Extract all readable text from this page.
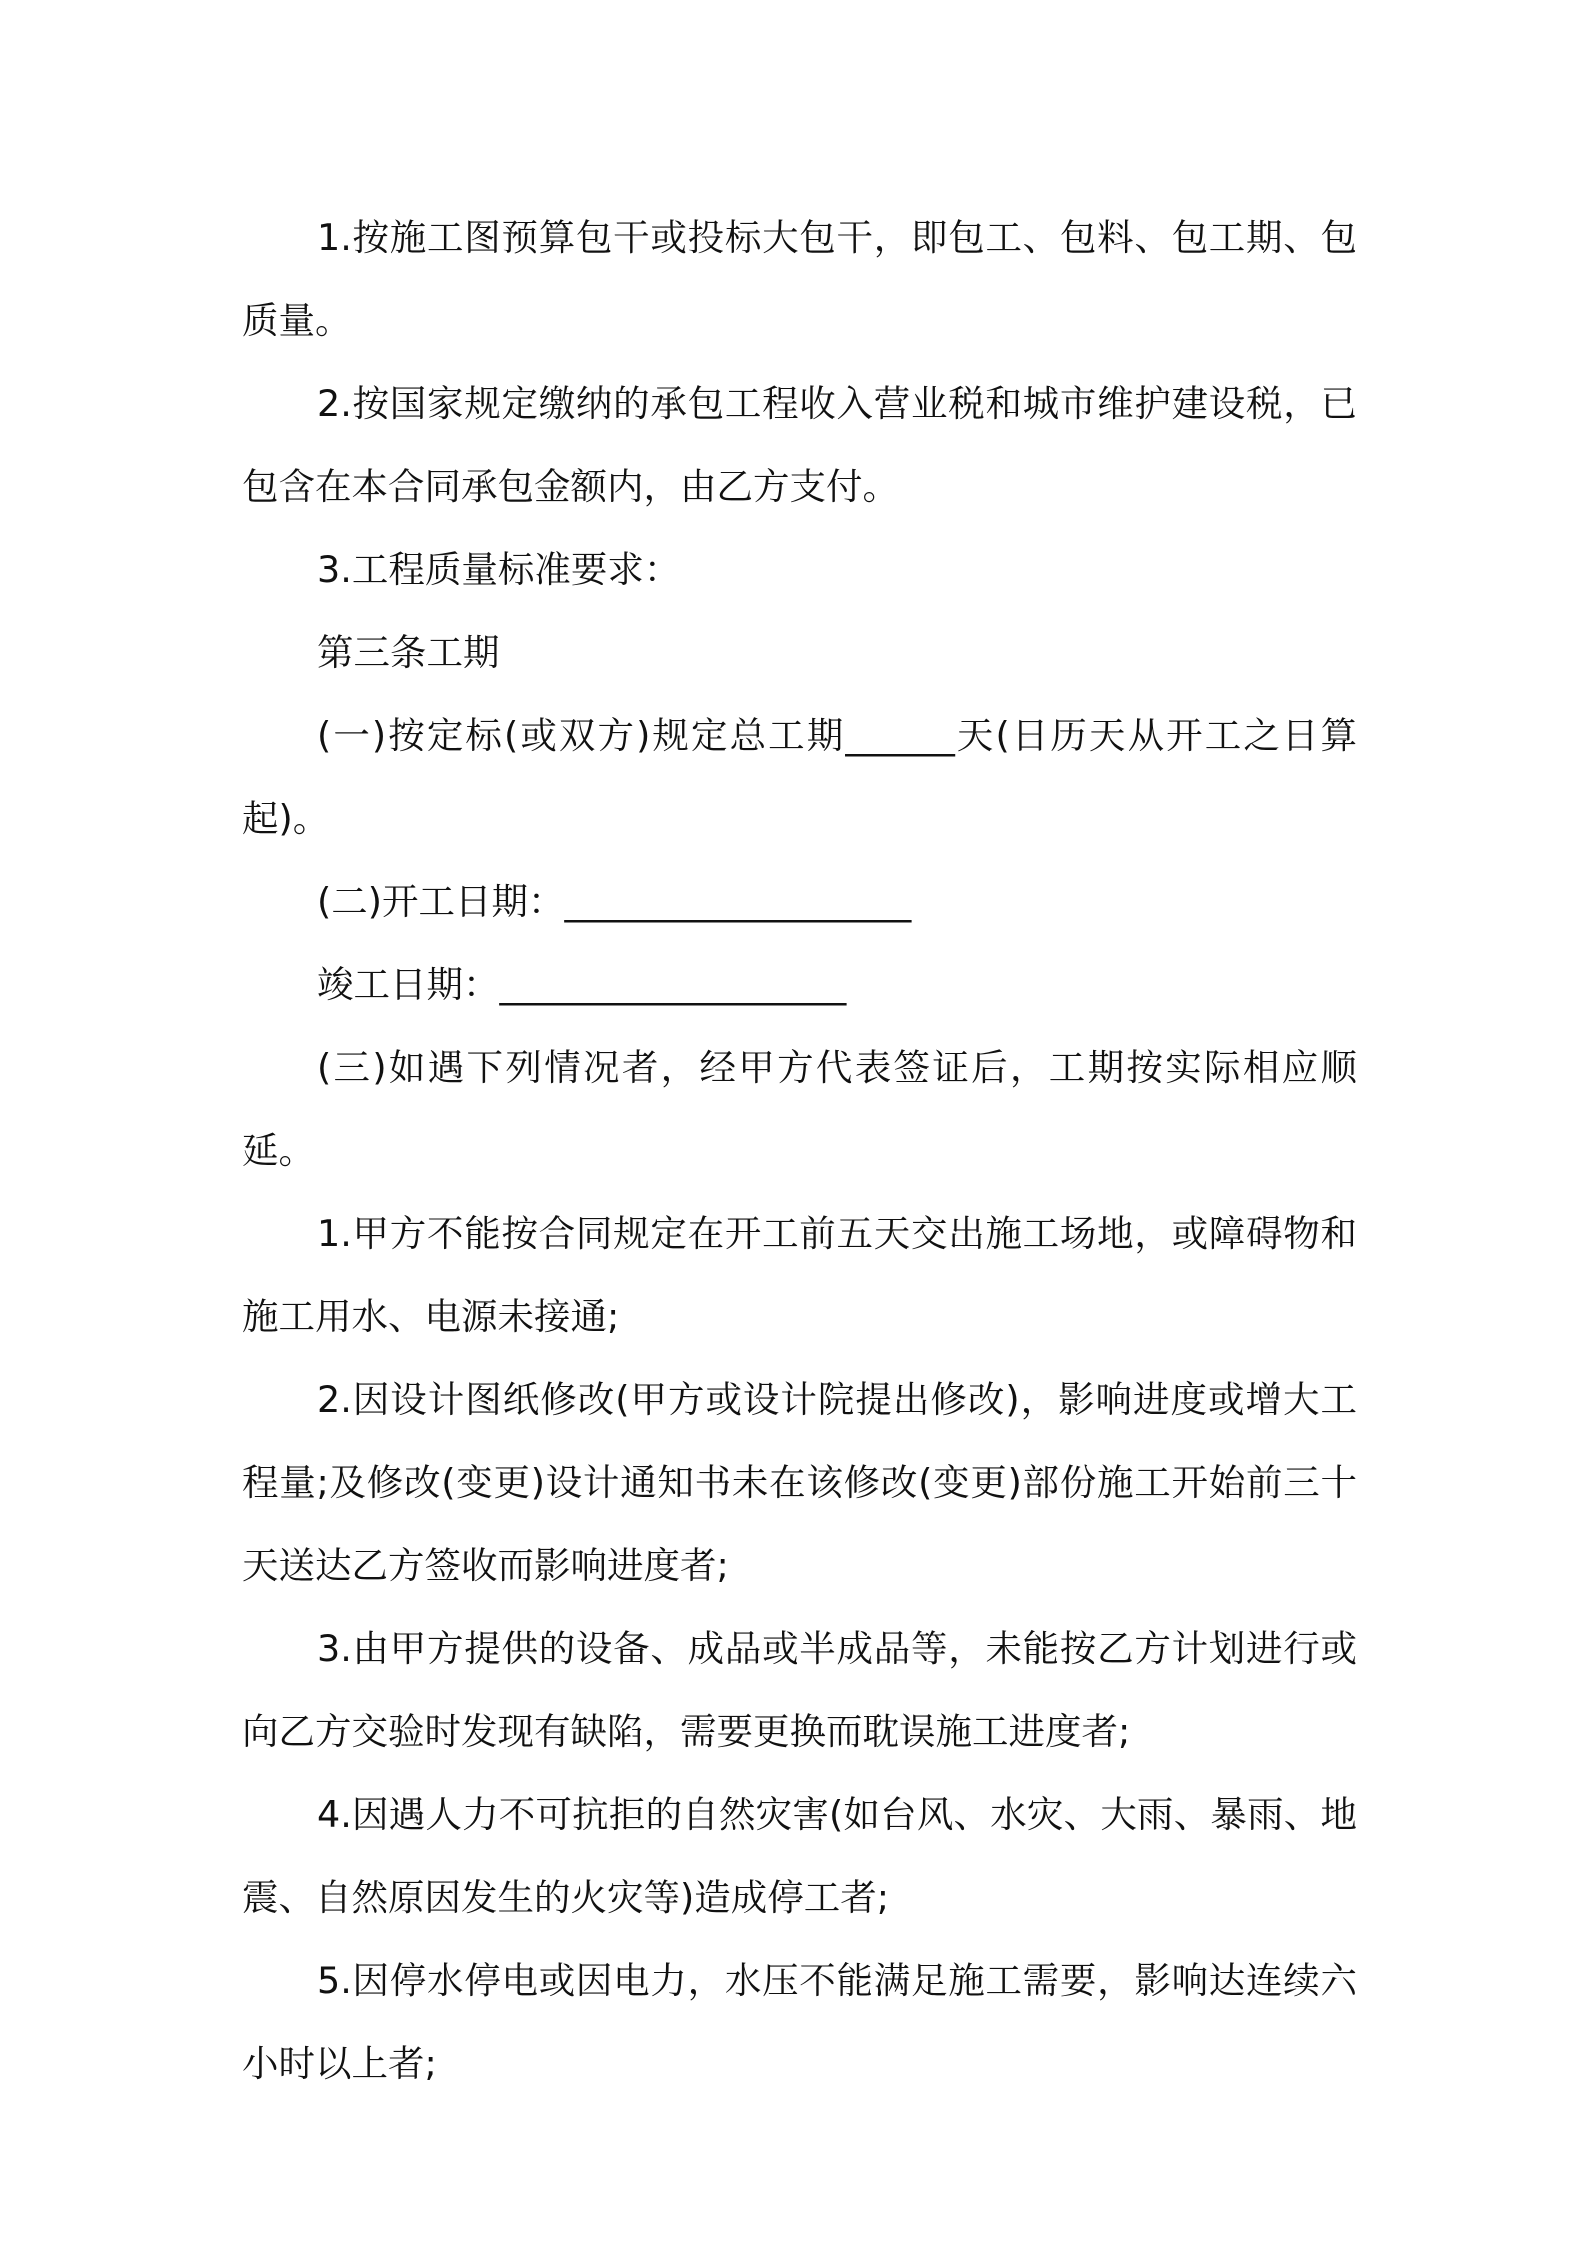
1.按施工图预算包干或投标大包干，即包工、包料、包工期、包质量。

2.按国家规定缴纳的承包工程收入营业税和城市维护建设税，已包含在本合同承包金额内，由乙方支付。

3.工程质量标准要求：

第三条工期

(一)按定标(或双方)规定总工期______天(日历天从开工之日算起)。

(二)开工日期：___________________

竣工日期：___________________

(三)如遇下列情况者，经甲方代表签证后，工期按实际相应顺延。

1.甲方不能按合同规定在开工前五天交出施工场地，或障碍物和施工用水、电源未接通;

2.因设计图纸修改(甲方或设计院提出修改)，影响进度或增大工程量;及修改(变更)设计通知书未在该修改(变更)部份施工开始前三十天送达乙方签收而影响进度者;

3.由甲方提供的设备、成品或半成品等，未能按乙方计划进行或向乙方交验时发现有缺陷，需要更换而耽误施工进度者;

4.因遇人力不可抗拒的自然灾害(如台风、水灾、大雨、暴雨、地震、自然原因发生的火灾等)造成停工者;

5.因停水停电或因电力，水压不能满足施工需要，影响达连续六小时以上者;
